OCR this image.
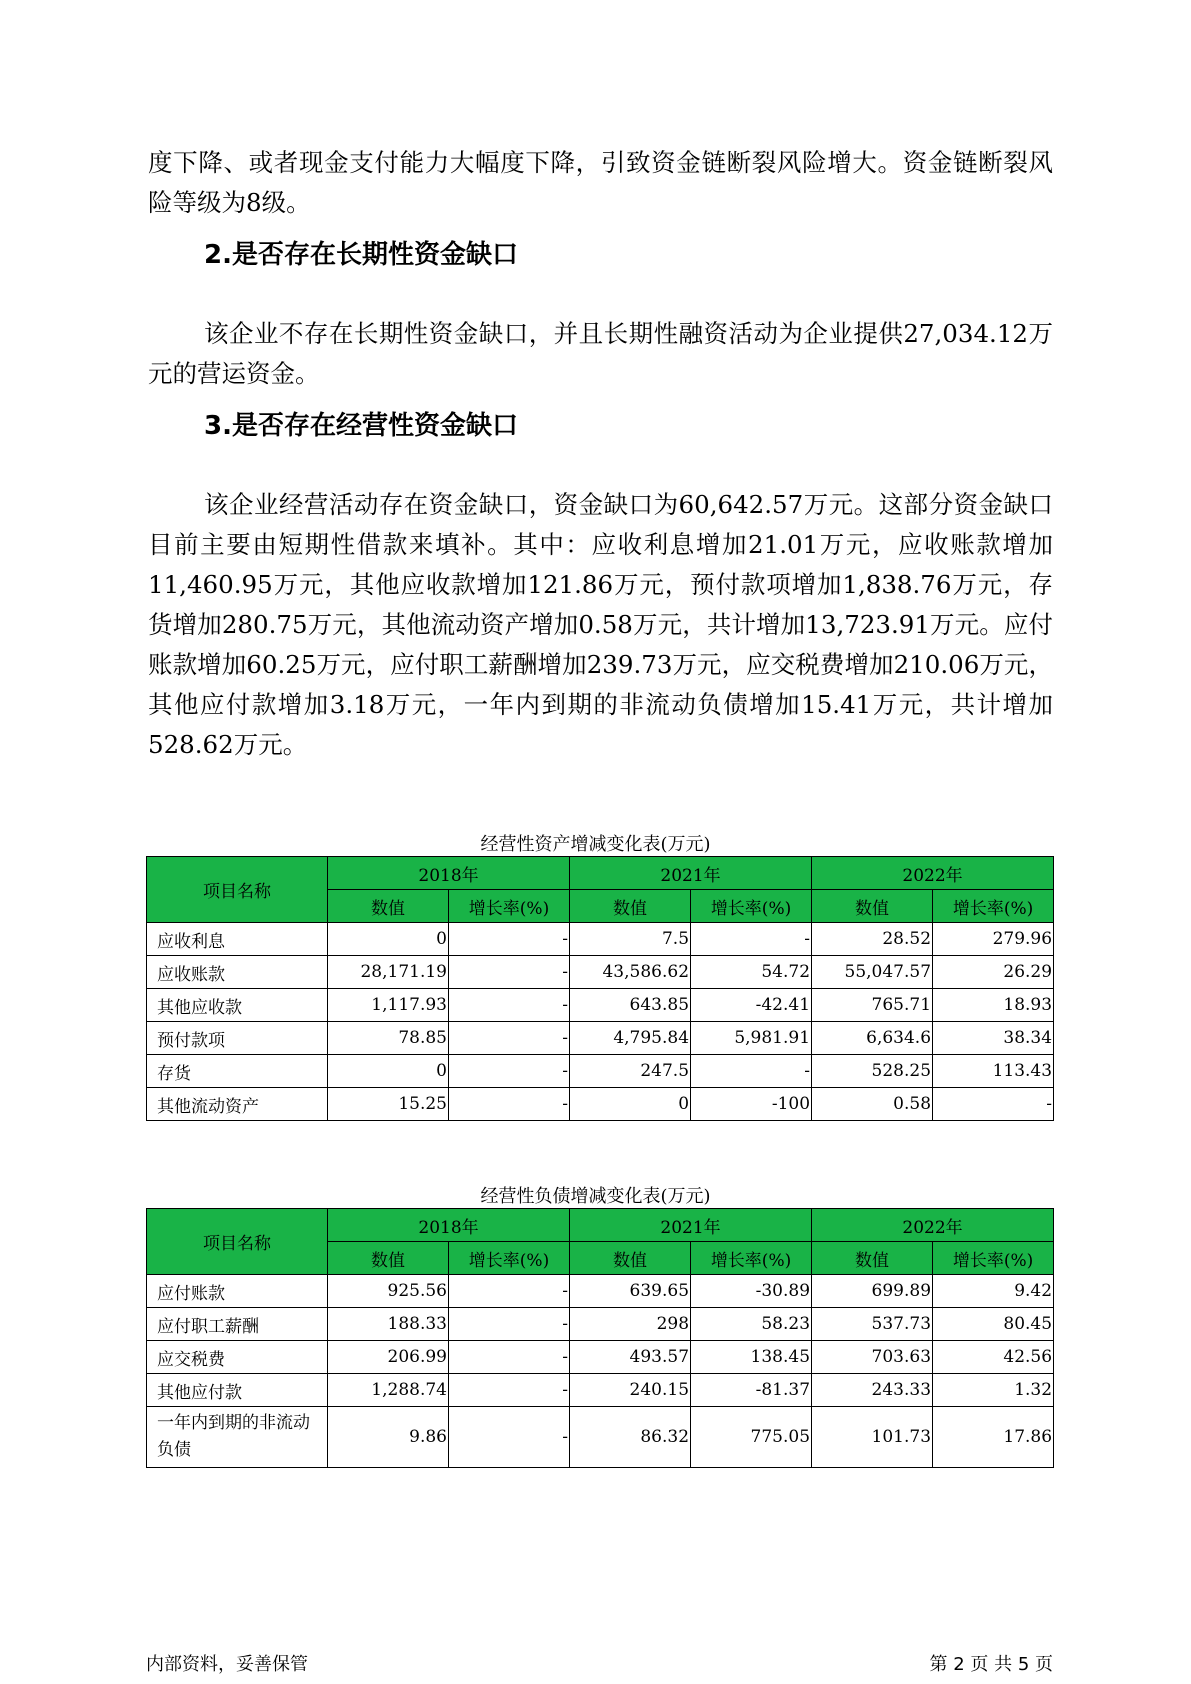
度下降、或者现金支付能力大幅度下降，引致资金链断裂风险增大。资金链断裂风险等级为8级。
2.是否存在长期性资金缺口
该企业不存在长期性资金缺口，并且长期性融资活动为企业提供27,034.12万元的营运资金。
3.是否存在经营性资金缺口
该企业经营活动存在资金缺口，资金缺口为60,642.57万元。这部分资金缺口目前主要由短期性借款来填补。其中：应收利息增加21.01万元，应收账款增加11,460.95万元，其他应收款增加121.86万元，预付款项增加1,838.76万元，存货增加280.75万元，其他流动资产增加0.58万元，共计增加13,723.91万元。应付账款增加60.25万元，应付职工薪酬增加239.73万元，应交税费增加210.06万元，其他应付款增加3.18万元，一年内到期的非流动负债增加15.41万元，共计增加528.62万元。
经营性资产增减变化表(万元)
项目名称	2018年		2021年		2022年	
	数值	增长率(%)	数值	增长率(%)	数值	增长率(%)
应收利息	0	-	7.5	-	28.52	279.96
应收账款	28,171.19	-	43,586.62	54.72	55,047.57	26.29
其他应收款	1,117.93	-	643.85	-42.41	765.71	18.93
预付款项	78.85	-	4,795.84	5,981.91	6,634.6	38.34
存货	0	-	247.5	-	528.25	113.43
其他流动资产	15.25	-	0	-100	0.58	-
经营性负债增减变化表(万元)
项目名称	2018年		2021年		2022年	
	数值	增长率(%)	数值	增长率(%)	数值	增长率(%)
应付账款	925.56	-	639.65	-30.89	699.89	9.42
应付职工薪酬	188.33	-	298	58.23	537.73	80.45
应交税费	206.99	-	493.57	138.45	703.63	42.56
其他应付款	1,288.74	-	240.15	-81.37	243.33	1.32
一年内到期的非流动负债	9.86	-	86.32	775.05	101.73	17.86
内部资料，妥善保管	第 2 页 共 5 页
